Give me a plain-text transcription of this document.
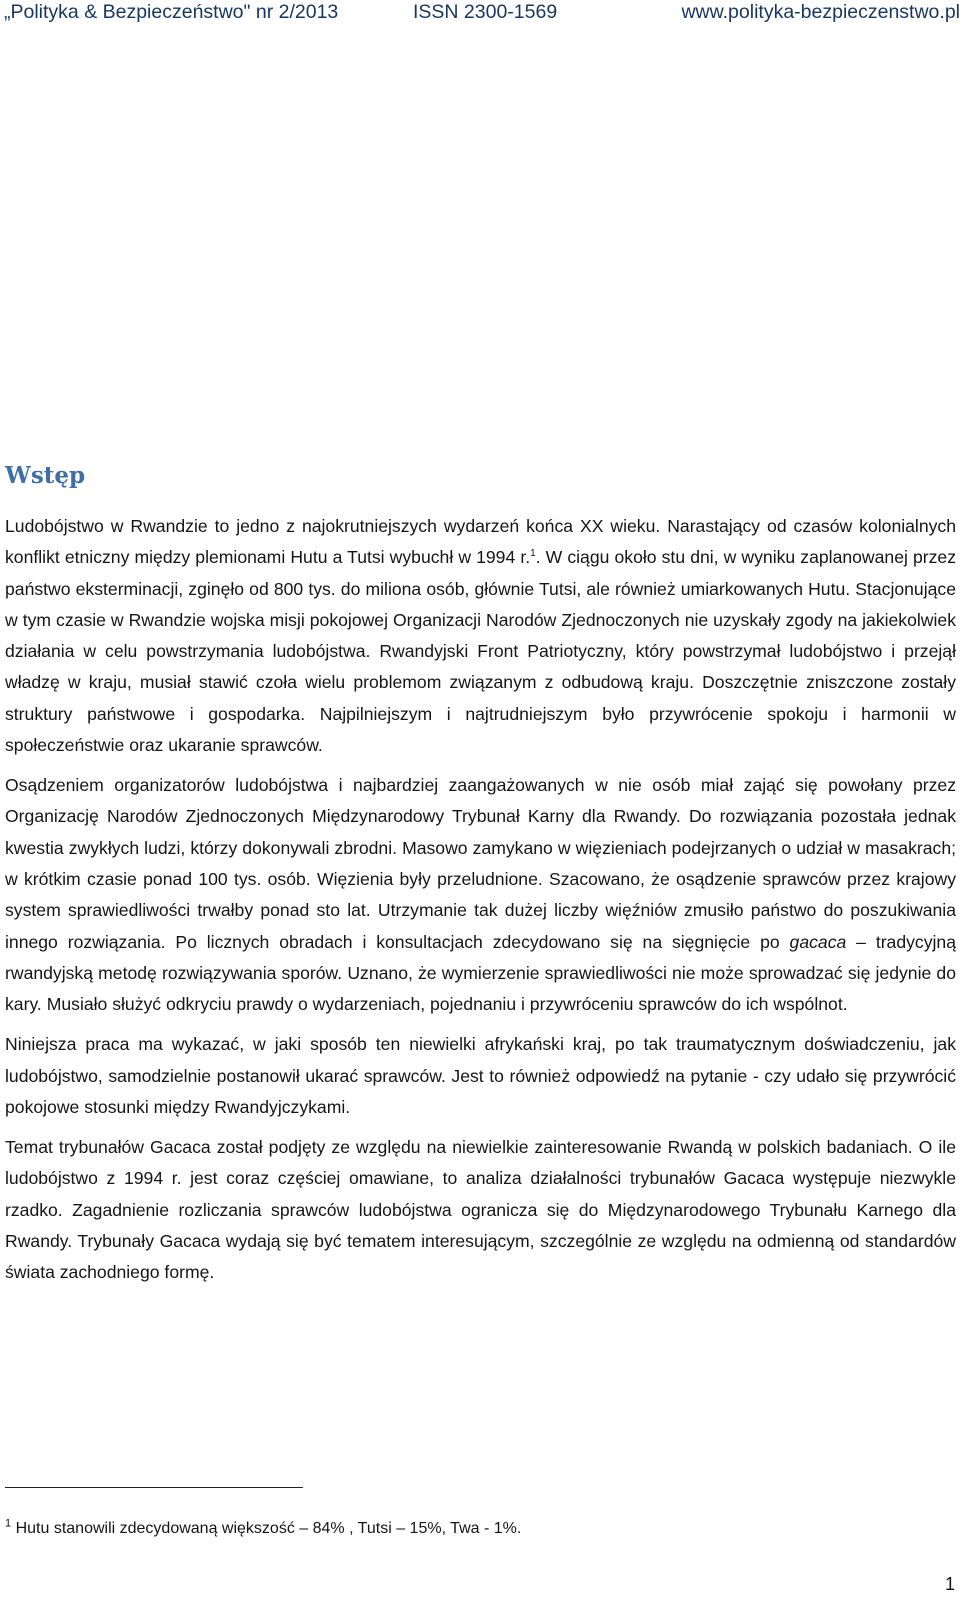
„Polityka & Bezpieczeństwo" nr 2/2013	ISSN 2300-1569	www.polityka-bezpieczenstwo.pl
Wstęp

Ludobójstwo w Rwandzie to jedno z najokrutniejszych wydarzeń końca XX wieku. Narastający od czasów kolonialnych konflikt etniczny między plemionami Hutu a Tutsi wybuchł w 1994 r.$^1$. W ciągu około stu dni, w wyniku zaplanowanej przez państwo eksterminacji, zginęło od 800 tys. do miliona osób, głównie Tutsi, ale również umiarkowanych Hutu. Stacjonujące w tym czasie w Rwandzie wojska misji pokojowej Organizacji Narodów Zjednoczonych nie uzyskały zgody na jakiekolwiek działania w celu powstrzymania ludobójstwa. Rwandyjski Front Patriotyczny, który powstrzymał ludobójstwo i przejął władzę w kraju, musiał stawić czoła wielu problemom związanym z odbudową kraju. Doszczętnie zniszczone zostały struktury państwowe i gospodarka. Najpilniejszym i najtrudniejszym było przywrócenie spokoju i harmonii w społeczeństwie oraz ukaranie sprawców.

Osądzeniem organizatorów ludobójstwa i najbardziej zaangażowanych w nie osób miał zająć się powołany przez Organizację Narodów Zjednoczonych Międzynarodowy Trybunał Karny dla Rwandy. Do rozwiązania pozostała jednak kwestia zwykłych ludzi, którzy dokonywali zbrodni. Masowo zamykano w więzieniach podejrzanych o udział w masakrach; w krótkim czasie ponad 100 tys. osób. Więzienia były przeludnione. Szacowano, że osądzenie sprawców przez krajowy system sprawiedliwości trwałby ponad sto lat. Utrzymanie tak dużej liczby więźniów zmusiło państwo do poszukiwania innego rozwiązania. Po licznych obradach i konsultacjach zdecydowano się na sięgnięcie po gacaca – tradycyjną rwandyjską metodę rozwiązywania sporów. Uznano, że wymierzenie sprawiedliwości nie może sprowadzać się jedynie do kary. Musiało służyć odkryciu prawdy o wydarzeniach, pojednaniu i przywróceniu sprawców do ich wspólnot.

Niniejsza praca ma wykazać, w jaki sposób ten niewielki afrykański kraj, po tak traumatycznym doświadczeniu, jak ludobójstwo, samodzielnie postanowił ukarać sprawców. Jest to również odpowiedź na pytanie - czy udało się przywrócić pokojowe stosunki między Rwandyjczykami.

Temat trybunałów Gacaca został podjęty ze względu na niewielkie zainteresowanie Rwandą w polskich badaniach. O ile ludobójstwo z 1994 r. jest coraz częściej omawiane, to analiza działalności trybunałów Gacaca występuje niezwykle rzadko. Zagadnienie rozliczania sprawców ludobójstwa ogranicza się do Międzynarodowego Trybunału Karnego dla Rwandy. Trybunały Gacaca wydają się być tematem interesującym, szczególnie ze względu na odmienną od standardów świata zachodniego formę.

$^1$ Hutu stanowili zdecydowaną większość – 84% , Tutsi – 15%, Twa - 1%.
1
